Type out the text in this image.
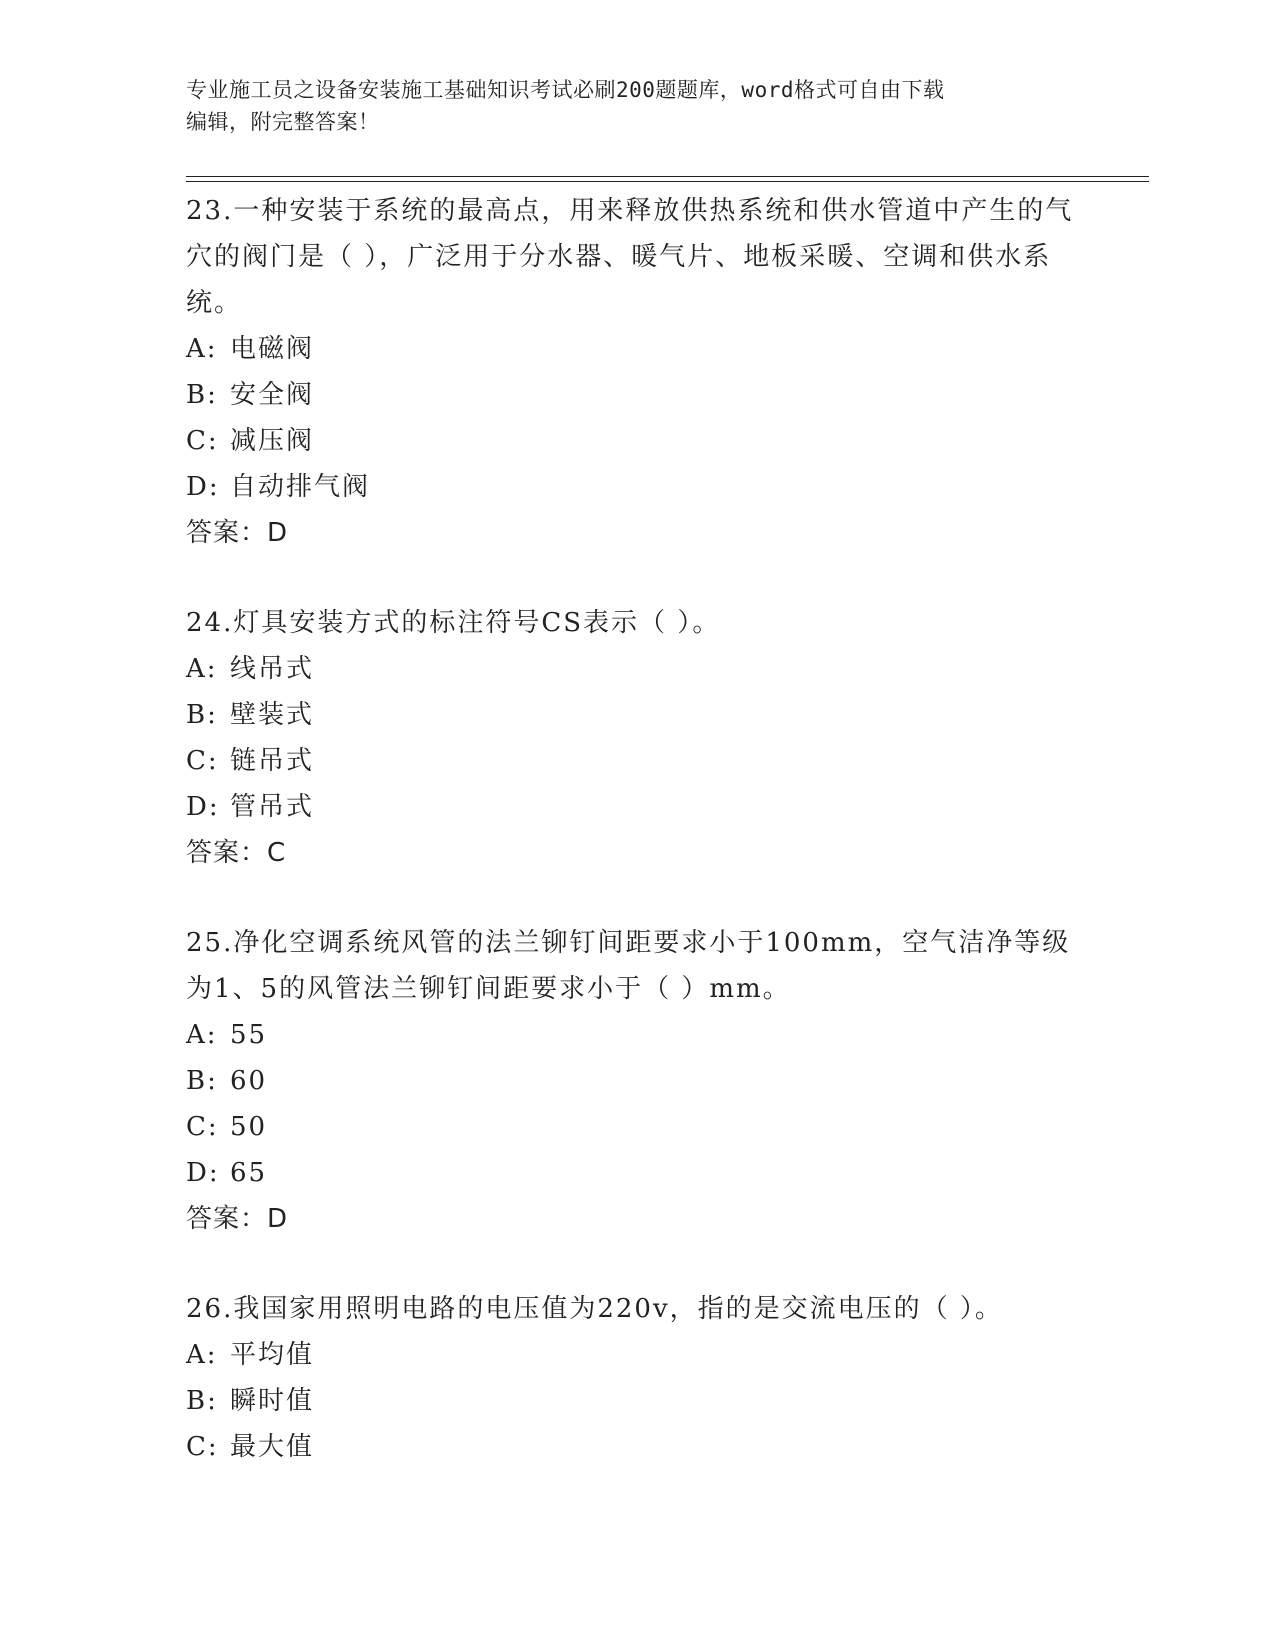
专业施工员之设备安装施工基础知识考试必刷200题题库，word格式可自由下载
编辑，附完整答案！

23.一种安装于系统的最高点，用来释放供热系统和供水管道中产生的气穴的阀门是（ ），广泛用于分水器、暖气片、地板采暖、空调和供水系统。

A: 电磁阀
B: 安全阀
C: 减压阀
D: 自动排气阀
答案：D

24.灯具安装方式的标注符号CS表示（ ）。

A: 线吊式
B: 壁装式
C: 链吊式
D: 管吊式
答案：C

25.净化空调系统风管的法兰铆钉间距要求小于100mm，空气洁净等级为1、5的风管法兰铆钉间距要求小于（ ）mm。

A: 55
B: 60
C: 50
D: 65
答案：D

26.我国家用照明电路的电压值为220v，指的是交流电压的（ ）。

A: 平均值
B: 瞬时值
C: 最大值
